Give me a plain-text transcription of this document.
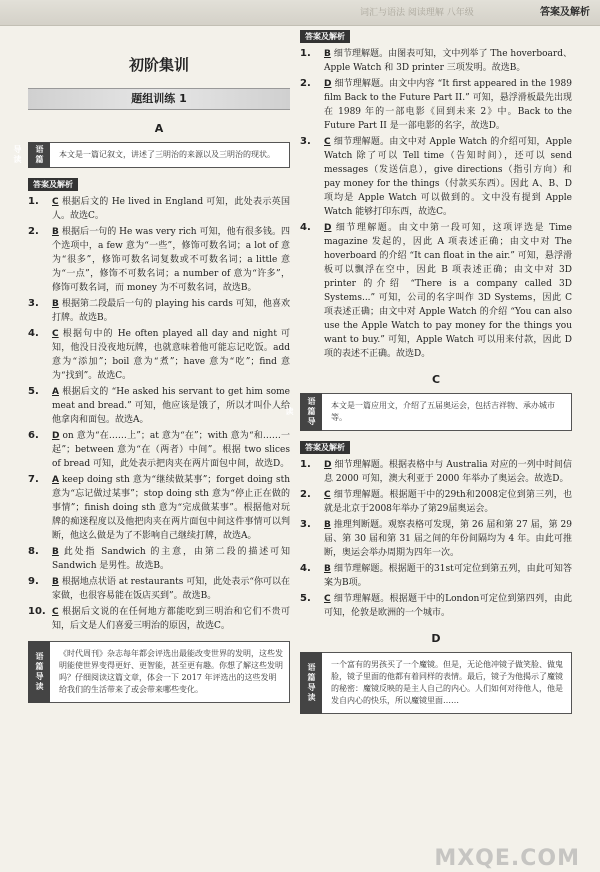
词汇与语法 阅读理解 八年级	答案及解析
初阶集训
题组训练 1
A
语篇导读	本文是一篇记叙文，讲述了三明治的来源以及三明治的现状。
答案及解析
1. C 根据后文的 He lived in England 可知，此处表示英国人。故选C。
2. B 根据后一句的 He was very rich 可知，他有很多钱。四个选项中，a few 意为“一些”，修饰可数名词；a lot of 意为“很多”，修饰可数名词复数或不可数名词；a little 意为“一点”，修饰不可数名词；a number of 意为“许多”，修饰可数名词，而 money 为不可数名词，故选B。
3. B 根据第二段最后一句的 playing his cards 可知，他喜欢打牌。故选B。
4. C 根据句中的 He often played all day and night 可知，他没日没夜地玩牌，也就意味着他可能忘记吃饭。add 意为“添加”；boil 意为“煮”；have 意为“吃”；find 意为“找到”。故选C。
5. A 根据后文的 “He asked his servant to get him some meat and bread.” 可知，他应该是饿了，所以才叫仆人给他拿肉和面包。故选A。
6. D on 意为“在……上”；at 意为“在”；with 意为“和……一起”；between 意为“在（两者）中间”。根据 two slices of bread 可知，此处表示把肉夹在两片面包中间，故选D。
7. A keep doing sth 意为“继续做某事”；forget doing sth 意为“忘记做过某事”；stop doing sth 意为“停止正在做的事情”；finish doing sth 意为“完成做某事”。根据他对玩牌的痴迷程度以及他把肉夹在两片面包中间这件事情可以判断，他这么做是为了不影响自己继续打牌，故选A。
8. B 此处指 Sandwich 的主意，由第二段的描述可知 Sandwich 是男性。故选B。
9. B 根据地点状语 at restaurants 可知，此处表示“你可以在家做，也很容易能在饭店买到”。故选B。
10. C 根据后文说的在任何地方都能吃到三明治和它们不贵可知，后文是人们喜爱三明治的原因，故选C。
语篇导读	《时代周刊》杂志每年都会评选出最能改变世界的发明，这些发明能使世界变得更好、更智能，甚至更有趣。你想了解这些发明吗？仔细阅读这篇文章，体会一下 2017 年评选出的这些发明给我们的生活带来了或会带来哪些变化。
答案及解析
1. B 细节理解题。由图表可知，文中列举了 The hoverboard、Apple Watch 和 3D printer 三项发明。故选B。
2. D 细节理解题。由文中内容 “It first appeared in the 1989 film Back to the Future Part II.” 可知，悬浮滑板最先出现在 1989 年的一部电影《回到未来 2》中。Back to the Future Part II 是一部电影的名字，故选D。
3. C 细节理解题。由文中对 Apple Watch 的介绍可知，Apple Watch 除了可以 Tell time（告知时间），还可以 send messages（发送信息），give directions（指引方向）和 pay money for the things（付款买东西）。因此 A、B、D 项均是 Apple Watch 可以做到的。文中没有提到 Apple Watch 能够打印东西，故选C。
4. D 细节理解题。由文中第一段可知，这项评选是 Time magazine 发起的，因此 A 项表述正确；由文中对 The hoverboard 的介绍 “It can float in the air.” 可知，悬浮滑板可以飘浮在空中，因此 B 项表述正确；由文中对 3D printer 的介绍 “There is a company called 3D Systems...” 可知，公司的名字叫作 3D Systems，因此 C 项表述正确；由文中对 Apple Watch 的介绍 “You can also use the Apple Watch to pay money for the things you want to buy.” 可知，Apple Watch 可以用来付款，因此 D 项的表述不正确。故选D。
C
语篇导读
本文是一篇应用文，介绍了五届奥运会，包括吉祥物、承办城市等。
答案及解析
1. D 细节理解题。根据表格中与 Australia 对应的一列中时间信息 2000 可知，澳大利亚于 2000 年举办了奥运会。故选D。
2. C 细节理解题。根据题干中的29th和2008定位到第三列，也就是北京于2008年举办了第29届奥运会。
3. B 推理判断题。观察表格可发现，第 26 届和第 27 届，第 29 届、第 30 届和第 31 届之间的年份间隔均为 4 年。由此可推断，奥运会举办周期为四年一次。
4. B 细节理解题。根据题干的31st可定位到第五列，由此可知答案为B项。
5. C 细节理解题。根据题干中的London可定位到第四列，由此可知，伦敦是欧洲的一个城市。
D
语篇导读	一个富有的男孩买了一个魔镜。但是，无论他冲镜子做笑脸、做鬼脸，镜子里面的他都有着同样的表情。最后，镜子为他揭示了魔镜的秘密：魔镜反映的是主人自己的内心。人们如何对待他人，他是发自内心的快乐，所以魔镜里面……
MXQE.COM
